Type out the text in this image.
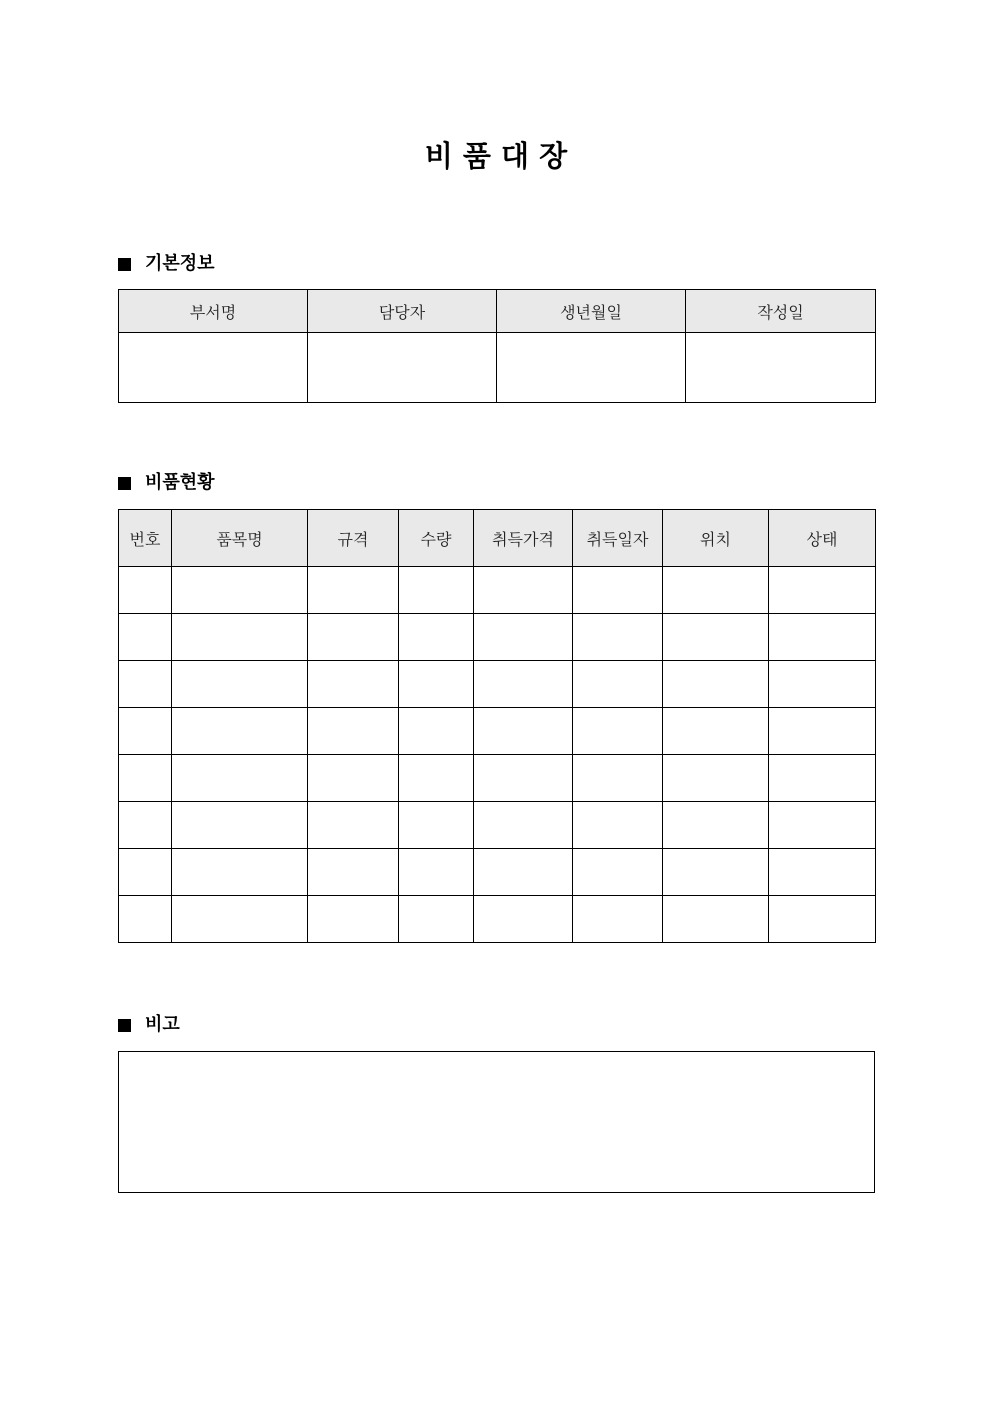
비 품 대 장
기본정보
부서명	담당자	생년월일	작성일

비품현황
번호	품목명	규격	수량	취득가격	취득일자	위치	상태

비고
